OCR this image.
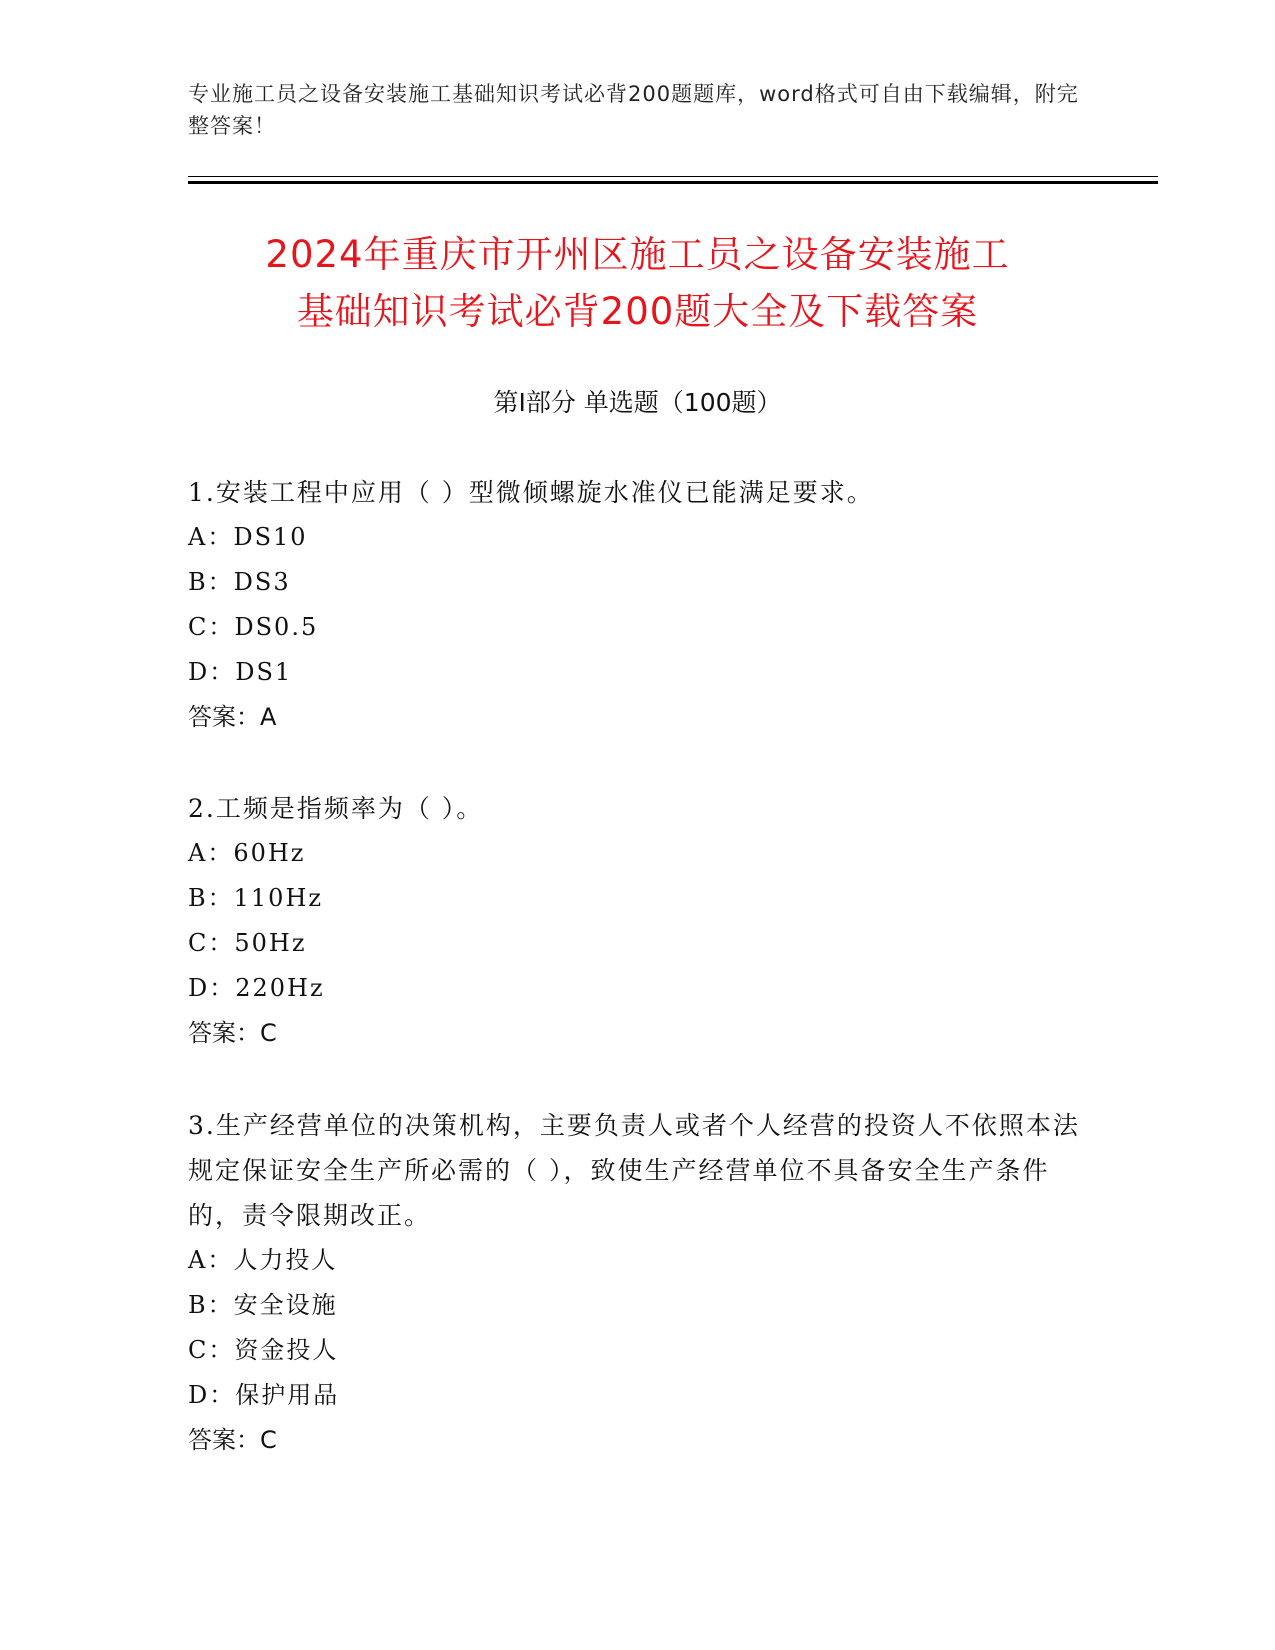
专业施工员之设备安装施工基础知识考试必背200题题库，word格式可自由下载编辑，附完整答案！
2024年重庆市开州区施工员之设备安装施工
基础知识考试必背200题大全及下载答案
第Ⅰ部分 单选题（100题）

1.安装工程中应用（ ）型微倾螺旋水准仪已能满足要求。

A：DS10

B：DS3

C：DS0.5

D：DS1

答案：A

2.工频是指频率为（ ）。

A：60Hz

B：110Hz

C：50Hz

D：220Hz

答案：C

3.生产经营单位的决策机构，主要负责人或者个人经营的投资人不依照本法规定保证安全生产所必需的（ ），致使生产经营单位不具备安全生产条件的，责令限期改正。

A：人力投人

B：安全设施

C：资金投人

D：保护用品

答案：C
